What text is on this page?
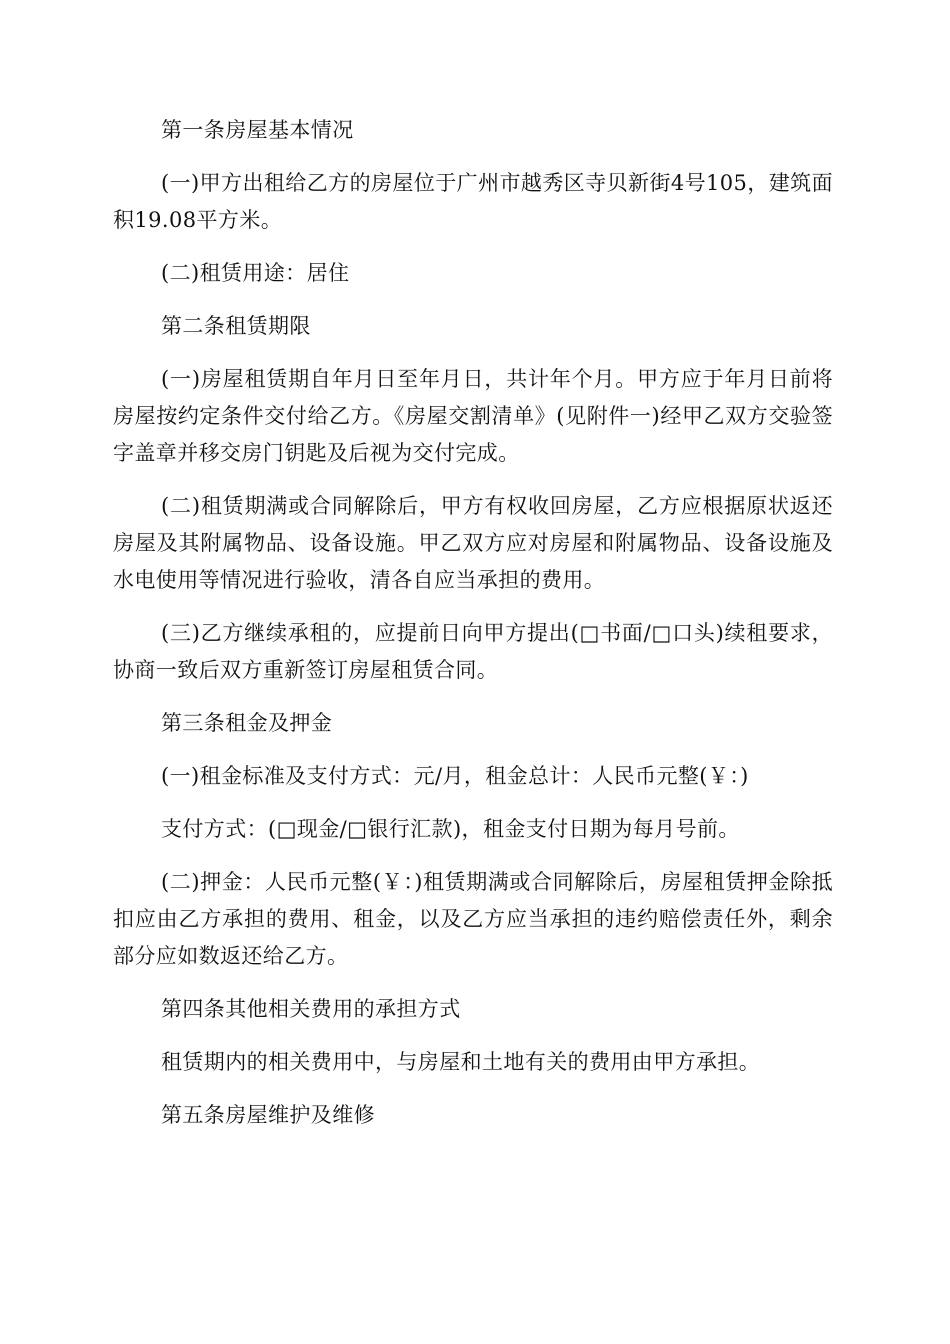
第一条房屋基本情况

(一)甲方出租给乙方的房屋位于广州市越秀区寺贝新街4号105，建筑面积19.08平方米。

(二)租赁用途：居住

第二条租赁期限

(一)房屋租赁期自年月日至年月日，共计年个月。甲方应于年月日前将房屋按约定条件交付给乙方。《房屋交割清单》(见附件一)经甲乙双方交验签字盖章并移交房门钥匙及后视为交付完成。

(二)租赁期满或合同解除后，甲方有权收回房屋，乙方应根据原状返还房屋及其附属物品、设备设施。甲乙双方应对房屋和附属物品、设备设施及水电使用等情况进行验收，清各自应当承担的费用。

(三)乙方继续承租的，应提前日向甲方提出(□书面/□口头)续租要求，协商一致后双方重新签订房屋租赁合同。

第三条租金及押金

(一)租金标准及支付方式：元/月，租金总计：人民币元整(￥：)

支付方式：(□现金/□银行汇款)，租金支付日期为每月号前。

(二)押金：人民币元整(￥：)租赁期满或合同解除后，房屋租赁押金除抵扣应由乙方承担的费用、租金，以及乙方应当承担的违约赔偿责任外，剩余部分应如数返还给乙方。

第四条其他相关费用的承担方式

租赁期内的相关费用中，与房屋和土地有关的费用由甲方承担。

第五条房屋维护及维修
